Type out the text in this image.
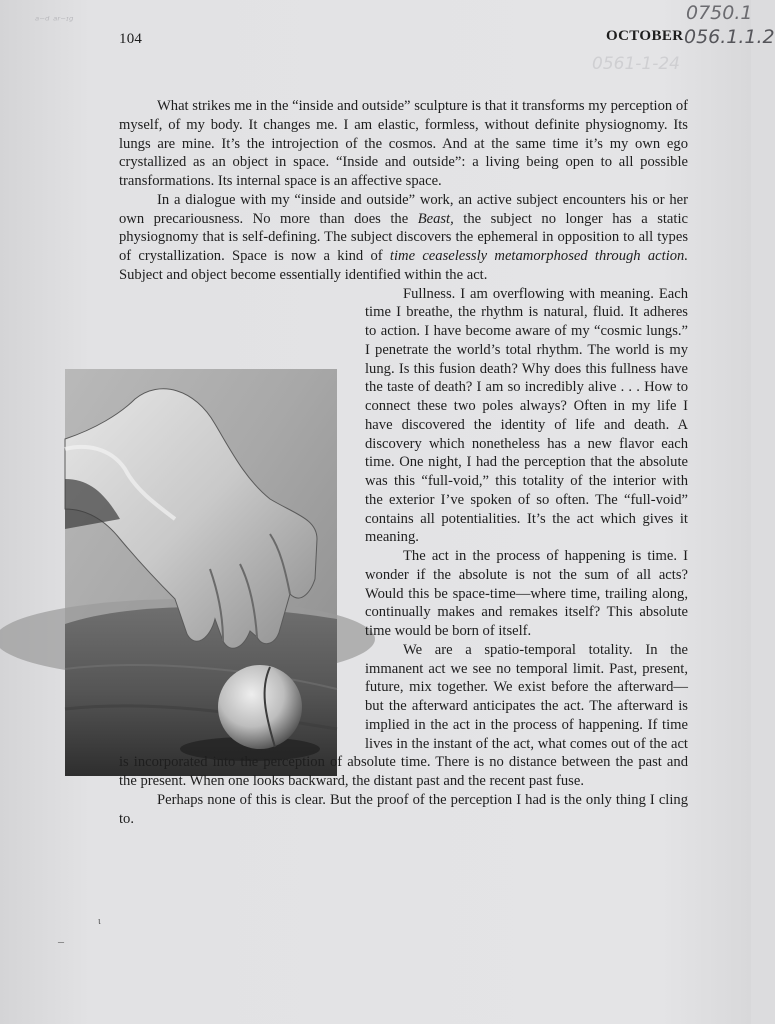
ᵃ⁻ᵈ ᵃʳ⁻ᶦᵍ	0750.1
056.1.1.2
0561-1-24
104	OCTOBER

What strikes me in the “inside and outside” sculpture is that it transforms my perception of myself, of my body. It changes me. I am elastic, formless, without definite physiognomy. Its lungs are mine. It’s the introjection of the cosmos. And at the same time it’s my own ego crystallized as an object in space. “Inside and outside”: a living being open to all possible transformations. Its internal space is an affective space.

In a dialogue with my “inside and outside” work, an active subject encounters his or her own precariousness. No more than does the Beast, the subject no longer has a static physiognomy that is self-defining. The subject discovers the ephemeral in opposition to all types of crystallization. Space is now a kind of time ceaselessly metamorphosed through action. Subject and object become essentially identified within the act.

Fullness. I am overflowing with meaning. Each time I breathe, the rhythm is natural, fluid. It adheres to action. I have become aware of my “cosmic lungs.” I penetrate the world’s total rhythm. The world is my lung. Is this fusion death? Why does this fullness have the taste of death? I am so incredibly alive . . . How to connect these two poles always? Often in my life I have discovered the identity of life and death. A discovery which nonetheless has a new flavor each time. One night, I had the perception that the absolute was this “full-void,” this totality of the interior with the exterior I’ve spoken of so often. The “full-void” contains all potentialities. It’s the act which gives it meaning.

The act in the process of happening is time. I wonder if the absolute is not the sum of all acts? Would this be space-time—where time, trailing along, continually makes and remakes itself? This absolute time would be born of itself.

We are a spatio-temporal totality. In the immanent act we see no temporal limit. Past, present, future, mix together. We exist before the afterward—but the afterward anticipates the act. The afterward is implied in the act in the process of happening. If time lives in the instant of the act, what comes out of the act is incorporated into the perception of absolute time. There is no distance between the past and the present. When one looks backward, the distant past and the recent past fuse.

Perhaps none of this is clear. But the proof of the perception I had is the only thing I cling to.

–
ι
